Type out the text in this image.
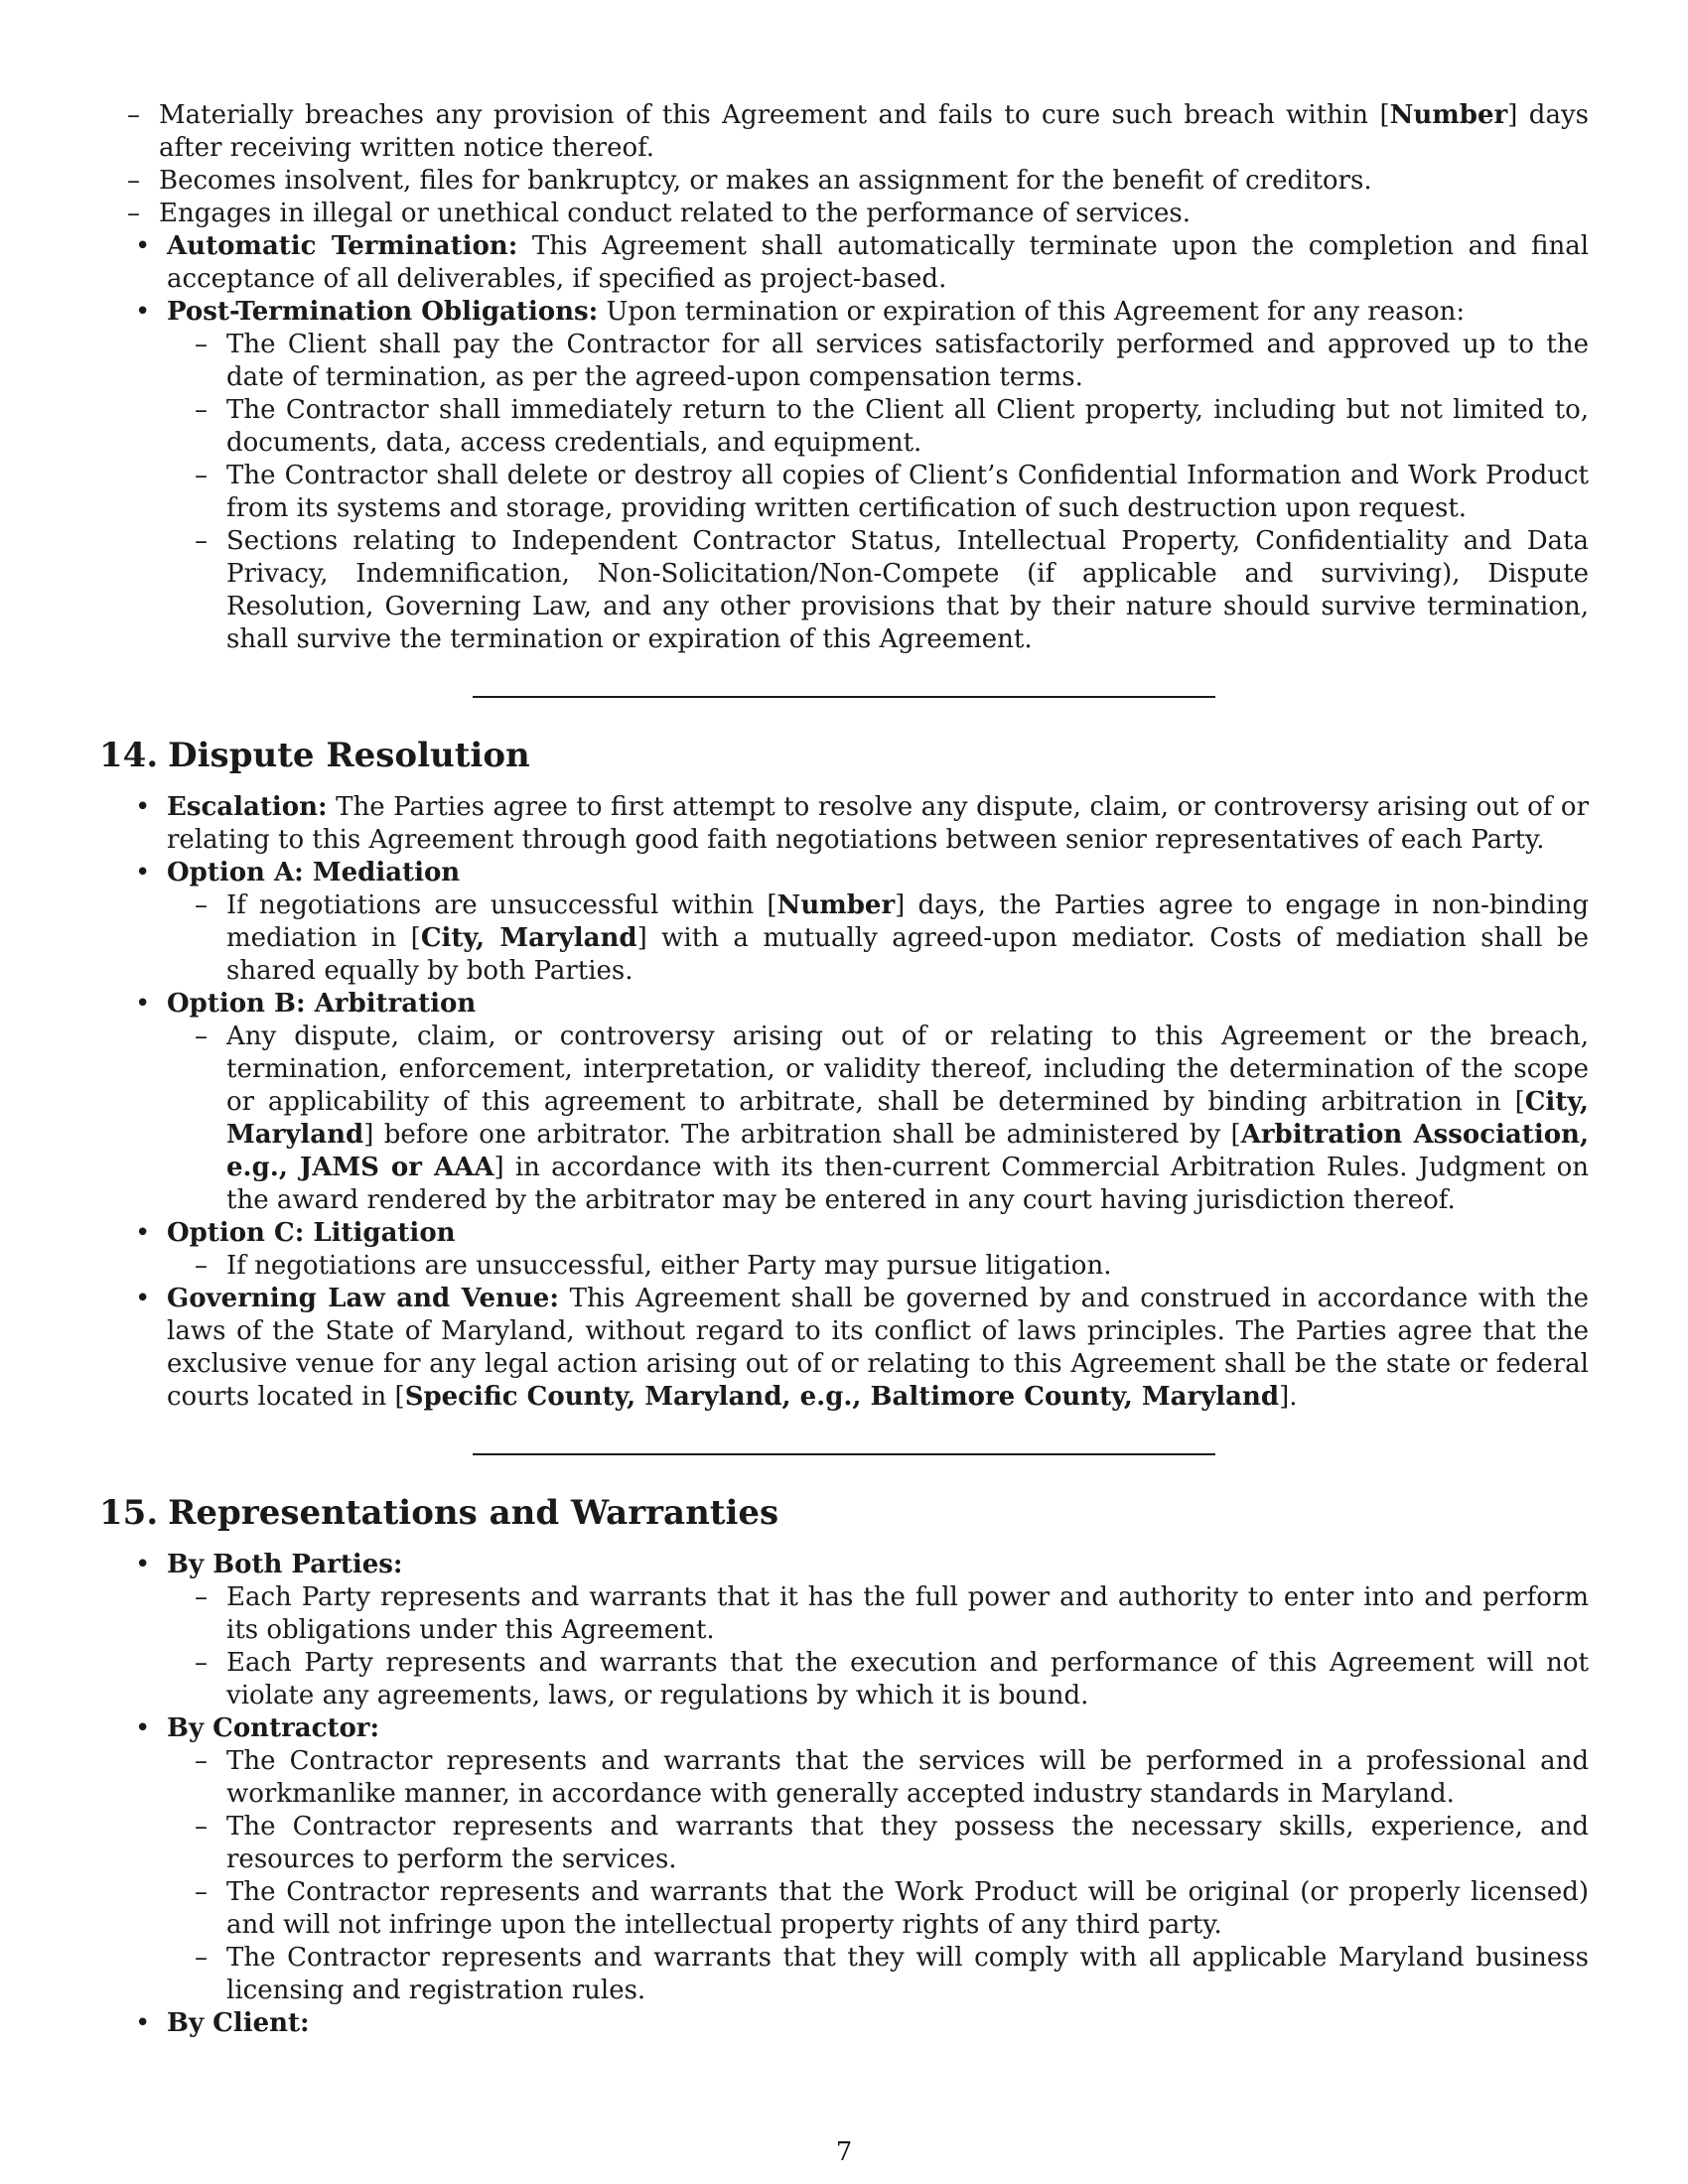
– Materially breaches any provision of this Agreement and fails to cure such breach within [Number] days after receiving written notice thereof.
– Becomes insolvent, files for bankruptcy, or makes an assignment for the benefit of creditors.
– Engages in illegal or unethical conduct related to the performance of services.
• Automatic Termination: This Agreement shall automatically terminate upon the completion and final acceptance of all deliverables, if specified as project-based.
• Post-Termination Obligations: Upon termination or expiration of this Agreement for any reason:
– The Client shall pay the Contractor for all services satisfactorily performed and approved up to the date of termination, as per the agreed-upon compensation terms.
– The Contractor shall immediately return to the Client all Client property, including but not limited to, documents, data, access credentials, and equipment.
– The Contractor shall delete or destroy all copies of Client’s Confidential Information and Work Product from its systems and storage, providing written certification of such destruction upon request.
– Sections relating to Independent Contractor Status, Intellectual Property, Confidentiality and Data Privacy, Indemnification, Non-Solicitation/Non-Compete (if applicable and surviving), Dispute Resolution, Governing Law, and any other provisions that by their nature should survive termination, shall survive the termination or expiration of this Agreement.
14. Dispute Resolution
• Escalation: The Parties agree to first attempt to resolve any dispute, claim, or controversy arising out of or relating to this Agreement through good faith negotiations between senior representatives of each Party.
• Option A: Mediation
– If negotiations are unsuccessful within [Number] days, the Parties agree to engage in non-binding mediation in [City, Maryland] with a mutually agreed-upon mediator. Costs of mediation shall be shared equally by both Parties.
• Option B: Arbitration
– Any dispute, claim, or controversy arising out of or relating to this Agreement or the breach, termination, enforcement, interpretation, or validity thereof, including the determination of the scope or applicability of this agreement to arbitrate, shall be determined by binding arbitration in [City, Maryland] before one arbitrator. The arbitration shall be administered by [Arbitration Association, e.g., JAMS or AAA] in accordance with its then-current Commercial Arbitration Rules. Judgment on the award rendered by the arbitrator may be entered in any court having jurisdiction thereof.
• Option C: Litigation
– If negotiations are unsuccessful, either Party may pursue litigation.
• Governing Law and Venue: This Agreement shall be governed by and construed in accordance with the laws of the State of Maryland, without regard to its conflict of laws principles. The Parties agree that the exclusive venue for any legal action arising out of or relating to this Agreement shall be the state or federal courts located in [Specific County, Maryland, e.g., Baltimore County, Maryland].
15. Representations and Warranties
• By Both Parties:
– Each Party represents and warrants that it has the full power and authority to enter into and perform its obligations under this Agreement.
– Each Party represents and warrants that the execution and performance of this Agreement will not violate any agreements, laws, or regulations by which it is bound.
• By Contractor:
– The Contractor represents and warrants that the services will be performed in a professional and workmanlike manner, in accordance with generally accepted industry standards in Maryland.
– The Contractor represents and warrants that they possess the necessary skills, experience, and resources to perform the services.
– The Contractor represents and warrants that the Work Product will be original (or properly licensed) and will not infringe upon the intellectual property rights of any third party.
– The Contractor represents and warrants that they will comply with all applicable Maryland business licensing and registration rules.
• By Client:
7
